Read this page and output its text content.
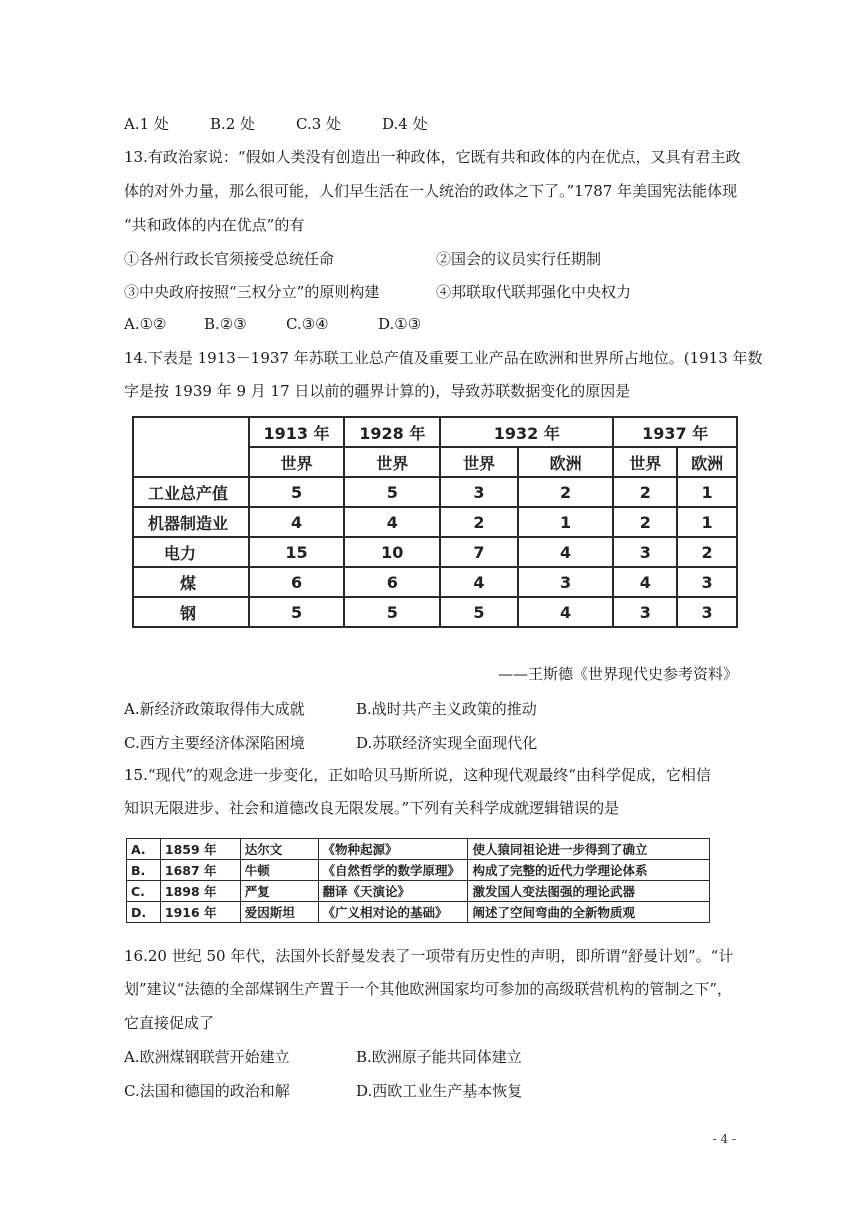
A.1 处	B.2 处	C.3 处	D.4 处
13.有政治家说：“假如人类没有创造出一种政体，它既有共和政体的内在优点，又具有君主政
体的对外力量，那么很可能，人们早生活在一人统治的政体之下了。”1787 年美国宪法能体现
“共和政体的内在优点”的有
①各州行政长官须接受总统任命	②国会的议员实行任期制
③中央政府按照“三权分立”的原则构建	④邦联取代联邦强化中央权力
A.①②	B.②③	C.③④	D.①③
14.下表是 1913－1937 年苏联工业总产值及重要工业产品在欧洲和世界所占地位。(1913 年数
字是按 1939 年 9 月 17 日以前的疆界计算的)，导致苏联数据变化的原因是
	1913 年	1928 年	1932 年		1937 年	
	世界	世界	世界	欧洲	世界	欧洲
工业总产值	5	5	3	2	2	1
机器制造业	4	4	2	1	2	1
电力	15	10	7	4	3	2
煤	6	6	4	3	4	3
钢	5	5	5	4	3	3
——王斯德《世界现代史参考资料》
A.新经济政策取得伟大成就	B.战时共产主义政策的推动
C.西方主要经济体深陷困境	D.苏联经济实现全面现代化
15.“现代”的观念进一步变化，正如哈贝马斯所说，这种现代观最终“由科学促成，它相信
知识无限进步、社会和道德改良无限发展。”下列有关科学成就逻辑错误的是
A.	1859 年	达尔文	《物种起源》	使人猿同祖论进一步得到了确立
B.	1687 年	牛顿	《自然哲学的数学原理》	构成了完整的近代力学理论体系
C.	1898 年	严复	翻译《天演论》	激发国人变法图强的理论武器
D.	1916 年	爱因斯坦	《广义相对论的基础》	阐述了空间弯曲的全新物质观
16.20 世纪 50 年代，法国外长舒曼发表了一项带有历史性的声明，即所谓“舒曼计划”。“计
划”建议“法德的全部煤钢生产置于一个其他欧洲国家均可参加的高级联营机构的管制之下”，
它直接促成了
A.欧洲煤钢联营开始建立	B.欧洲原子能共同体建立
C.法国和德国的政治和解	D.西欧工业生产基本恢复
- 4 -
